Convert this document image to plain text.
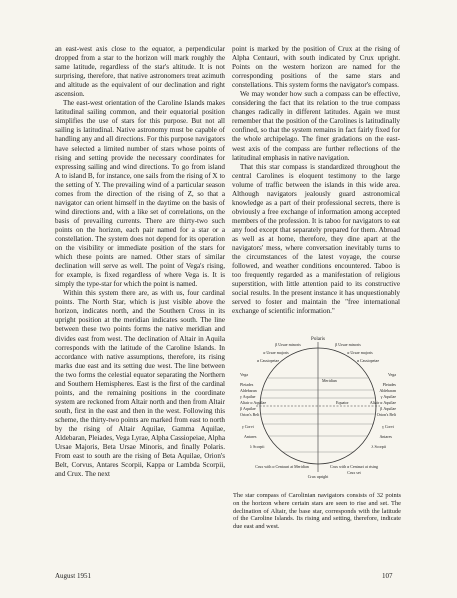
an east-west axis close to the equator, a perpendicular dropped from a star to the horizon will mark roughly the same latitude, regardless of the star's altitude. It is not surprising, therefore, that native astronomers treat azimuth and altitude as the equivalent of our declination and right ascension.

The east-west orientation of the Caroline Islands makes latitudinal sailing common, and their equatorial position simplifies the use of stars for this purpose. But not all sailing is latitudinal. Native astronomy must be capable of handling any and all directions. For this purpose navigators have selected a limited number of stars whose points of rising and setting provide the necessary coordinates for expressing sailing and wind directions. To go from island A to island B, for instance, one sails from the rising of X to the setting of Y. The prevailing wind of a particular season comes from the direction of the rising of Z, so that a navigator can orient himself in the daytime on the basis of wind directions and, with a like set of correlations, on the basis of prevailing currents. There are thirty-two such points on the horizon, each pair named for a star or a constellation. The system does not depend for its operation on the visibility or immediate position of the stars for which these points are named. Other stars of similar declination will serve as well. The point of Vega's rising, for example, is fixed regardless of where Vega is. It is simply the type-star for which the point is named.

Within this system there are, as with us, four cardinal points. The North Star, which is just visible above the horizon, indicates north, and the Southern Cross in its upright position at the meridian indicates south. The line between these two points forms the native meridian and divides east from west. The declination of Altair in Aquila corresponds with the latitude of the Caroline Islands. In accordance with native assumptions, therefore, its rising marks due east and its setting due west. The line between the two forms the celestial equator separating the Northern and Southern Hemispheres. East is the first of the cardinal points, and the remaining positions in the coordinate system are reckoned from Altair north and then from Altair south, first in the east and then in the west. Following this scheme, the thirty-two points are marked from east to north by the rising of Altair Aquilae, Gamma Aquilae, Aldebaran, Pleiades, Vega Lyrae, Alpha Cassiopeiae, Alpha Ursae Majoris, Beta Ursae Minoris, and finally Polaris. From east to south are the rising of Beta Aquilae, Orion's Belt, Corvus, Antares Scorpii, Kappa or Lambda Scorpii, and Crux. The next

point is marked by the position of Crux at the rising of Alpha Centauri, with south indicated by Crux upright. Points on the western horizon are named for the corresponding positions of the same stars and constellations. This system forms the navigator's compass.

We may wonder how such a compass can be effective, considering the fact that its relation to the true compass changes radically in different latitudes. Again we must remember that the position of the Carolines is latitudinally confined, so that the system remains in fact fairly fixed for the whole archipelago. The finer gradations on the east-west axis of the compass are further reflections of the latitudinal emphasis in native navigation.

That this star compass is standardized throughout the central Carolines is eloquent testimony to the large volume of traffic between the islands in this wide area. Although navigators jealously guard astronomical knowledge as a part of their professional secrets, there is obviously a free exchange of information among accepted members of the profession. It is taboo for navigators to eat any food except that separately prepared for them. Abroad as well as at home, therefore, they dine apart at the navigators' mess, where conversation inevitably turns to the circumstances of the latest voyage, the course followed, and weather conditions encountered. Taboo is too frequently regarded as a manifestation of religious superstition, with little attention paid to its constructive social results. In the present instance it has unquestionably served to foster and maintain the "free international exchange of scientific information."

Polaris
β Ursae minoris	β Ursae minoris
α Ursae majoris	α Ursae majoris
α Cassiopeiae	α Cassiopeiae
Vega
Pleiades
Aldebaran
γ Aquilae
Altair α Aquilae
β Aquilae
Orion's Belt
γ Corvi
Antares
λ Scorpii
Vega
Pleiades
Aldebaran
γ Aquilae
Altair α Aquilae
β Aquilae
Orion's Belt
γ Corvi
Antares
λ Scorpii
Meridian
Equator
Crux with α Centauri at Meridian
Crux upright
Crux with α Centauri at rising
Crux set
The star compass of Carolinian navigators consists of 32 points on the horizon where certain stars are seen to rise and set. The declination of Altair, the base star, corresponds with the latitude of the Caroline Islands. Its rising and setting, therefore, indicate due east and west.
August 1951	107
